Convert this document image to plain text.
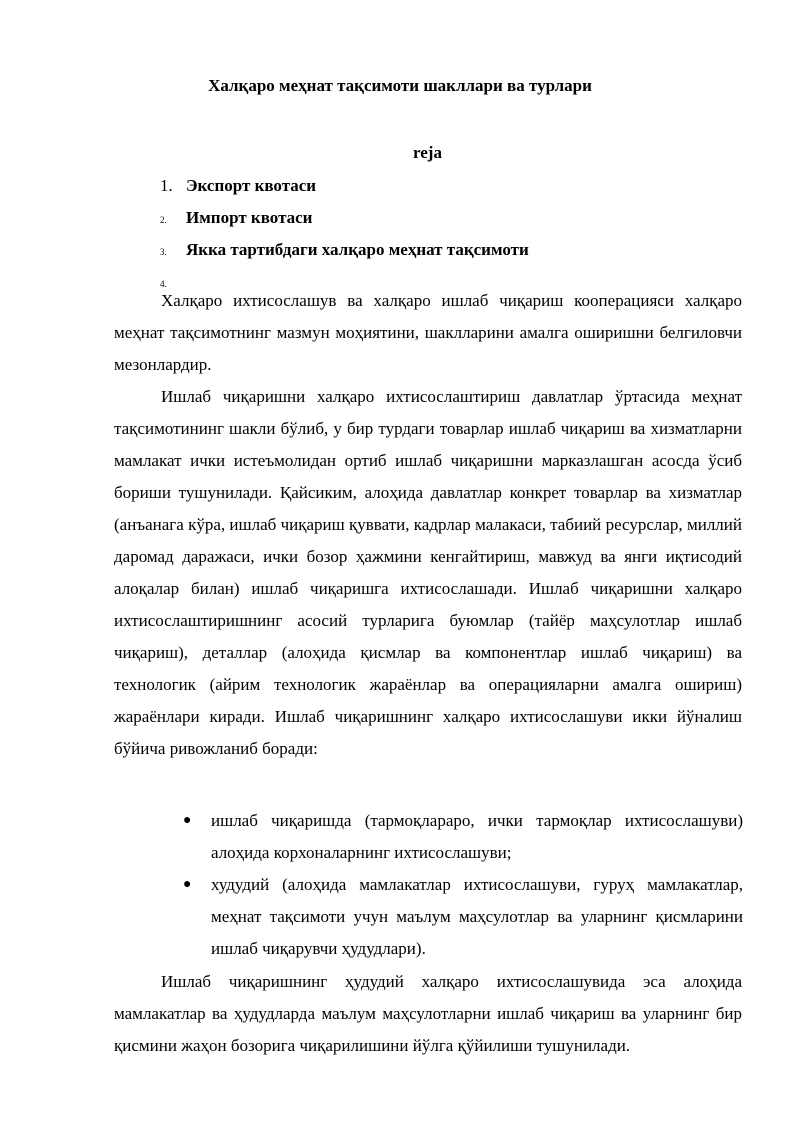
Халқаро меҳнат тақсимоти шакллари ва турлари
reja
1. Экспорт квотаси
2.	Импорт квотаси
3.	Якка тартибдаги халқаро меҳнат тақсимоти
4.
Халқаро ихтисослашув ва халқаро ишлаб чиқариш кооперацияси халқаро меҳнат тақсимотнинг мазмун моҳиятини, шаклларини амалга оширишни белгиловчи мезонлардир.
Ишлаб чиқаришни халқаро ихтисослаштириш давлатлар ўртасида меҳнат тақсимотининг шакли бўлиб, у бир турдаги товарлар ишлаб чиқариш ва хизматларни мамлакат ички истеъмолидан ортиб ишлаб чиқаришни марказлашган асосда ўсиб бориши тушунилади. Қайсиким, алоҳида давлатлар конкрет товарлар ва хизматлар (анъанага кўра, ишлаб чиқариш қуввати, кадрлар малакаси, табиий ресурслар, миллий даромад даражаси, ички бозор ҳажмини кенгайтириш, мавжуд ва янги иқтисодий алоқалар билан) ишлаб чиқаришга ихтисослашади. Ишлаб чиқаришни халқаро ихтисослаштиришнинг асосий турларига буюмлар (тайёр маҳсулотлар ишлаб чиқариш), деталлар (алоҳида қисмлар ва компонентлар ишлаб чиқариш) ва технологик (айрим технологик жараёнлар ва операцияларни амалга ошириш) жараёнлари киради. Ишлаб чиқаришнинг халқаро ихтисослашуви икки йўналиш бўйича ривожланиб боради:
● ишлаб чиқаришда (тармоқлараро, ички тармоқлар ихтисослашуви) алоҳида корхоналарнинг ихтисослашуви;
● худудий (алоҳида мамлакатлар ихтисослашуви, гуруҳ мамлакатлар, меҳнат тақсимоти учун маълум маҳсулотлар ва уларнинг қисмларини ишлаб чиқарувчи ҳудудлари).
Ишлаб чиқаришнинг ҳудудий халқаро ихтисослашувида эса алоҳида мамлакатлар ва ҳудудларда маълум маҳсулотларни ишлаб чиқариш ва уларнинг бир қисмини жаҳон бозорига чиқарилишини йўлга қўйилиши тушунилади.
